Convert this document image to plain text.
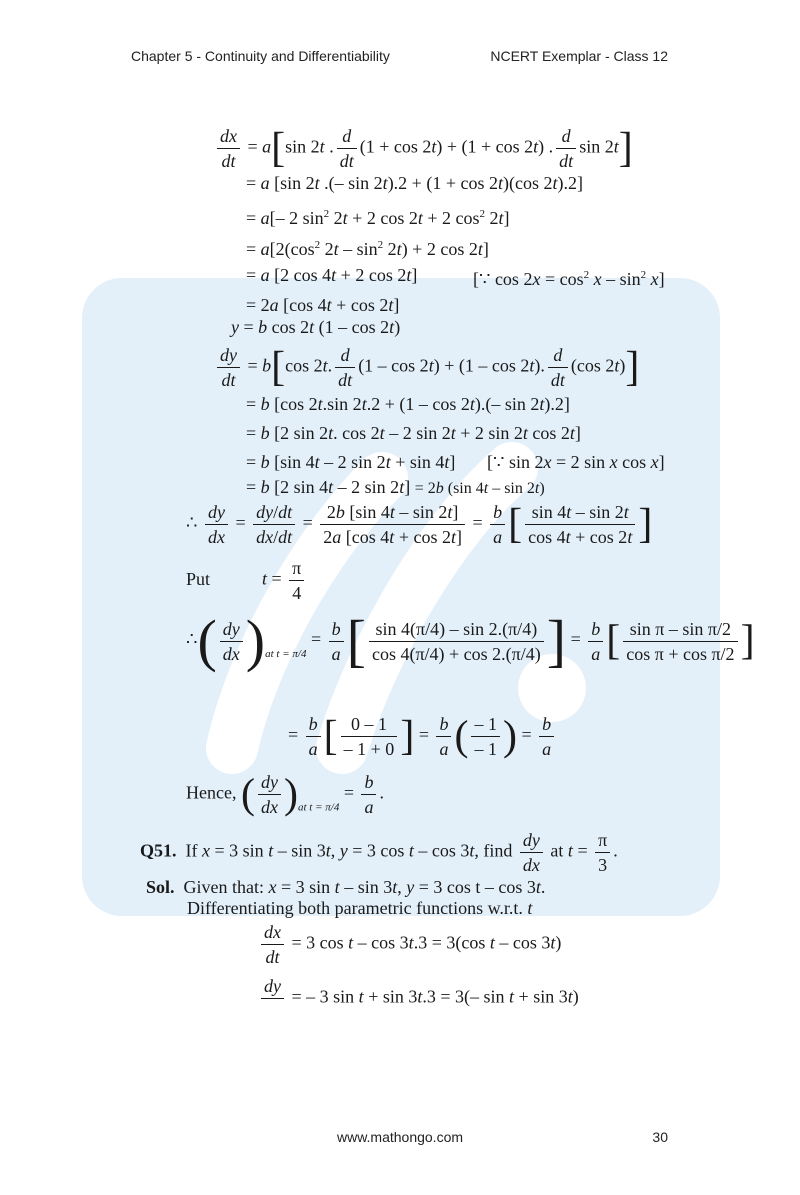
Chapter 5 - Continuity and Differentiability	NCERT Exemplar - Class 12
$\frac{dx}{dt} = a[\sin$ 2t . $\frac{d}{dt} (1 + \cos 2t) + (1 + \cos 2t)$ . $\frac{d}{dt}$ sin 2t]
= a [sin 2t .(– sin 2t).2 + (1 + cos 2t)(cos 2t).2]
= a[– 2 $\sin^2 2t + 2$ cos 2t + 2 $\cos^2 2t$]
= $a[2(\cos^2$ $2t - \sin^2 2t) + 2$ cos 2t]
= a [2 cos 4t + 2 cos 2t]	[∵ $\cos 2x = \cos^2 x - \sin^2 x$]
= 2a [cos 4t + cos 2t]
y = b cos 2t (1 – cos 2t)
$\frac{dy}{dt} = b[\cos$ 2t. $\frac{d}{dt} (1 - \cos 2t) + (1 - \cos 2t)$. $\frac{d}{dt} (\cos$ 2t)]
= b [cos 2t.sin 2t.2 + (1 – cos 2t).(– sin 2t).2]
= b [2 sin 2t. cos 2t – 2 sin 2t + 2 sin 2t cos 2t]
= b [sin 4t – 2 sin 2t + sin 4t] [∵ sin 2x = 2 sin x cos x]
= b [2 sin 4t – 2 sin 2t] = 2b (sin 4t – sin 2t)
∴ $\frac{dy}{dx} = \frac{dy/dt}{dx/dt} = \frac{2b [\sin 4t - \sin 2t]}{2a [\cos 4t + \cos 2t]} = \frac{b}{a}$ [ $\frac{\sin 4t - \sin 2t}{\cos 4t + \cos 2t}$ ]
Put	$t = \frac{\pi}{4}$
∴( $\frac{dy}{dx} )_{at t = \pi/4} = \frac{b}{a}$ [ $\frac{\sin 4(\pi/4) - \sin 2.(\pi/4)}{\cos 4(\pi/4) + \cos 2.(\pi/4)}$ ] = $\frac{b}{a}$ [ $\frac{\text{sin π – sin π/2}}{\text{cos π + cos π/2}}$ ]
= $\frac{b}{a}$ [ $\frac{0 - 1}{- 1 + 0}$ ] = $\frac{b}{a}$ ( $\frac{- 1}{- 1}$ ) = $\frac{b}{a}$
Hence, ( $\frac{dy}{dx} )_{at t = \pi/4} = \frac{b}{a}$ .
Q51.  If x = 3 sin t – sin 3t, y = 3 cos t – cos 3t, find $\frac{dy}{dx}$ at $t = \frac{\pi}{3}$ .
Sol.  Given that: x = 3 sin t – sin 3t, y = 3 cos t – cos 3t.
Differentiating both parametric functions w.r.t. t
$\frac{dx}{dt} = 3$ cos t – cos 3t.3 = 3(cos t – cos 3t)
dy

= – 3 sin t + sin 3t.3 = 3(– sin t + sin 3t)
www.mathongo.com	30
